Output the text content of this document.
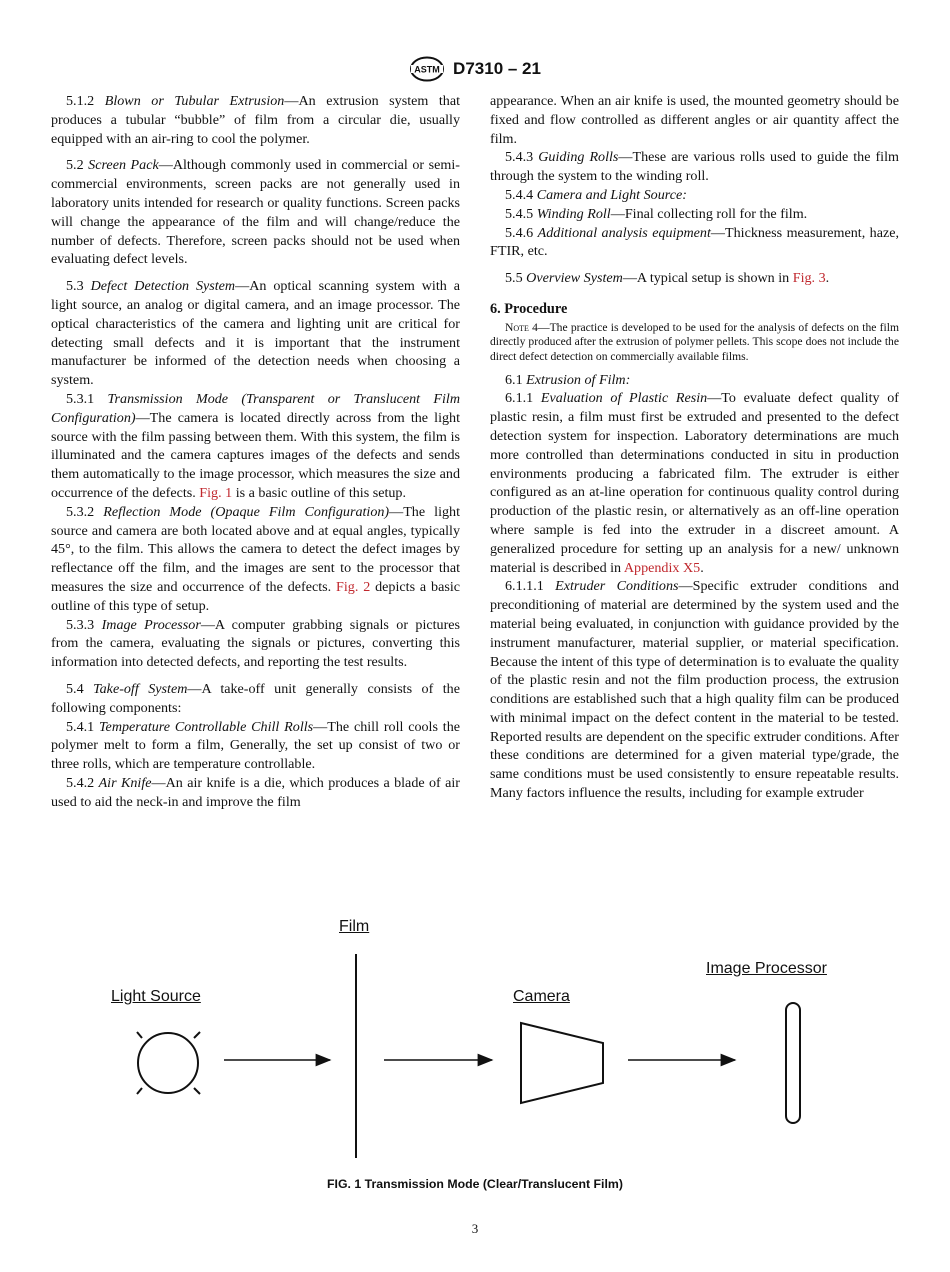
ASTM D7310 – 21

5.1.2 Blown or Tubular Extrusion—An extrusion system that produces a tubular “bubble” of film from a circular die, usually equipped with an air-ring to cool the polymer.

5.2 Screen Pack—Although commonly used in commercial or semi-commercial environments, screen packs are not generally used in laboratory units intended for research or quality functions. Screen packs will change the appearance of the film and will change/reduce the number of defects. Therefore, screen packs should not be used when evaluating defect levels.

5.3 Defect Detection System—An optical scanning system with a light source, an analog or digital camera, and an image processor. The optical characteristics of the camera and lighting unit are critical for detecting small defects and it is important that the instrument manufacturer be informed of the detection needs when choosing a system.

5.3.1 Transmission Mode (Transparent or Translucent Film Configuration)—The camera is located directly across from the light source with the film passing between them. With this system, the film is illuminated and the camera captures images of the defects and sends them automatically to the image processor, which measures the size and occurrence of the defects. Fig. 1 is a basic outline of this setup.

5.3.2 Reflection Mode (Opaque Film Configuration)—The light source and camera are both located above and at equal angles, typically 45°, to the film. This allows the camera to detect the defect images by reflectance off the film, and the images are sent to the processor that measures the size and occurrence of the defects. Fig. 2 depicts a basic outline of this type of setup.

5.3.3 Image Processor—A computer grabbing signals or pictures from the camera, evaluating the signals or pictures, converting this information into detected defects, and reporting the test results.

5.4 Take-off System—A take-off unit generally consists of the following components:

5.4.1 Temperature Controllable Chill Rolls—The chill roll cools the polymer melt to form a film, Generally, the set up consist of two or three rolls, which are temperature controllable.

5.4.2 Air Knife—An air knife is a die, which produces a blade of air used to aid the neck-in and improve the film

appearance. When an air knife is used, the mounted geometry should be fixed and flow controlled as different angles or air quantity affect the film.

5.4.3 Guiding Rolls—These are various rolls used to guide the film through the system to the winding roll.

5.4.4 Camera and Light Source:

5.4.5 Winding Roll—Final collecting roll for the film.

5.4.6 Additional analysis equipment—Thickness measurement, haze, FTIR, etc.

5.5 Overview System—A typical setup is shown in Fig. 3.

6. Procedure

Note 4—The practice is developed to be used for the analysis of defects on the film directly produced after the extrusion of polymer pellets. This scope does not include the direct defect detection on commercially available films.

6.1 Extrusion of Film:

6.1.1 Evaluation of Plastic Resin—To evaluate defect quality of plastic resin, a film must first be extruded and presented to the defect detection system for inspection. Laboratory determinations are much more controlled than determinations conducted in situ in production environments producing a fabricated film. The extruder is either configured as an at-line operation for continuous quality control during production of the plastic resin, or alternatively as an off-line operation where sample is fed into the extruder in a discreet amount. A generalized procedure for setting up an analysis for a new/ unknown material is described in Appendix X5.

6.1.1.1 Extruder Conditions—Specific extruder conditions and preconditioning of material are determined by the system used and the material being evaluated, in conjunction with guidance provided by the instrument manufacturer, material supplier, or material specification. Because the intent of this type of determination is to evaluate the quality of the plastic resin and not the film production process, the extrusion conditions are established such that a high quality film can be produced with minimal impact on the defect content in the material to be tested. Reported results are dependent on the specific extruder conditions. After these conditions are determined for a given material type/grade, the same conditions must be used consistently to ensure repeatable results. Many factors influence the results, including for example extruder

Film
Light Source	Camera
Image Processor
FIG. 1 Transmission Mode (Clear/Translucent Film)
3
